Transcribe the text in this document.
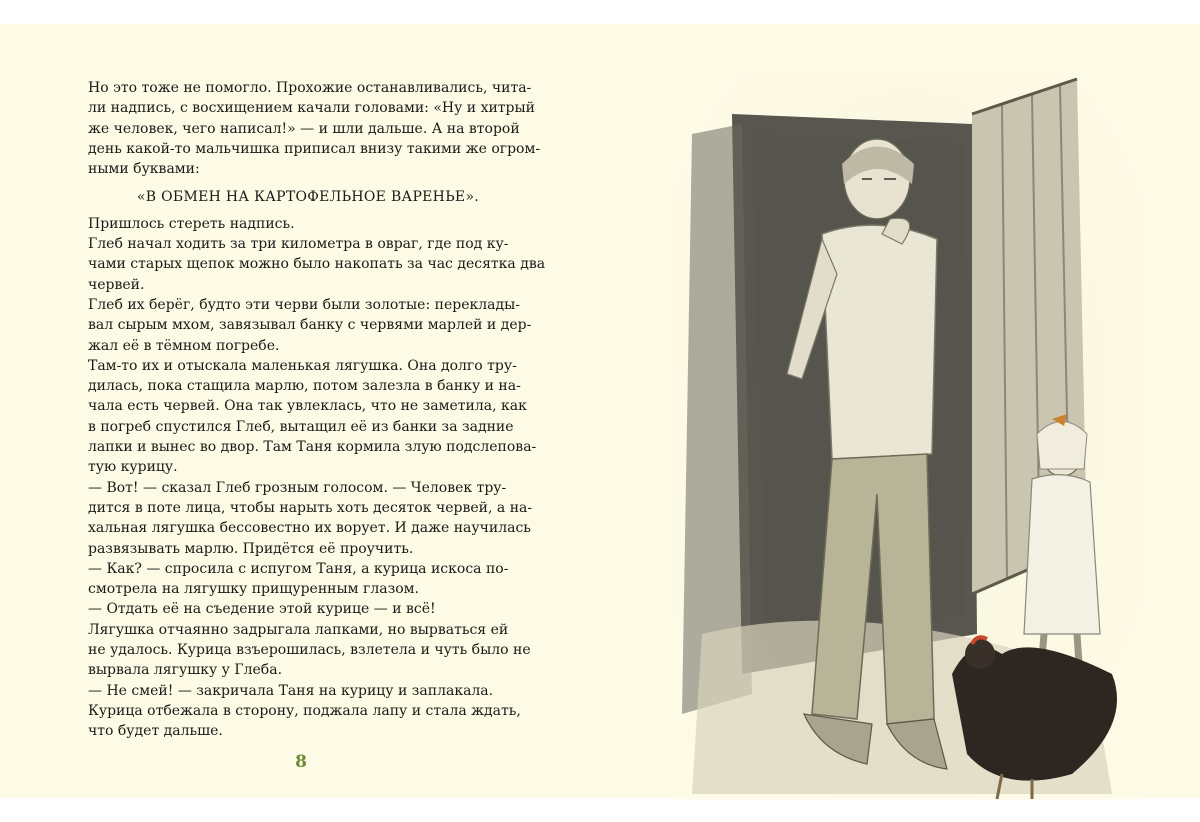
Но это тоже не помогло. Прохожие останавливались, чита-
ли надпись, с восхищением качали головами: «Ну и хитрый
же человек, чего написал!» — и шли дальше. А на второй
день какой-то мальчишка приписал внизу такими же огром-
ными буквами:
«В ОБМЕН НА КАРТОФЕЛЬНОЕ ВАРЕНЬЕ».
Пришлось стереть надпись.
Глеб начал ходить за три километра в овраг, где под ку-
чами старых щепок можно было накопать за час десятка два
червей.
Глеб их берёг, будто эти черви были золотые: переклады-
вал сырым мхом, завязывал банку с червями марлей и дер-
жал её в тёмном погребе.
Там-то их и отыскала маленькая лягушка. Она долго тру-
дилась, пока стащила марлю, потом залезла в банку и на-
чала есть червей. Она так увлеклась, что не заметила, как
в погреб спустился Глеб, вытащил её из банки за задние
лапки и вынес во двор. Там Таня кормила злую подслепова-
тую курицу.
— Вот! — сказал Глеб грозным голосом. — Человек тру-
дится в поте лица, чтобы нарыть хоть десяток червей, а на-
хальная лягушка бессовестно их ворует. И даже научилась
развязывать марлю. Придётся её проучить.
— Как? — спросила с испугом Таня, а курица искоса по-
смотрела на лягушку прищуренным глазом.
— Отдать её на съедение этой курице — и всё!
Лягушка отчаянно задрыгала лапками, но вырваться ей
не удалось. Курица взъерошилась, взлетела и чуть было не
вырвала лягушку у Глеба.
— Не смей! — закричала Таня на курицу и заплакала.
Курица отбежала в сторону, поджала лапу и стала ждать,
что будет дальше.
8
